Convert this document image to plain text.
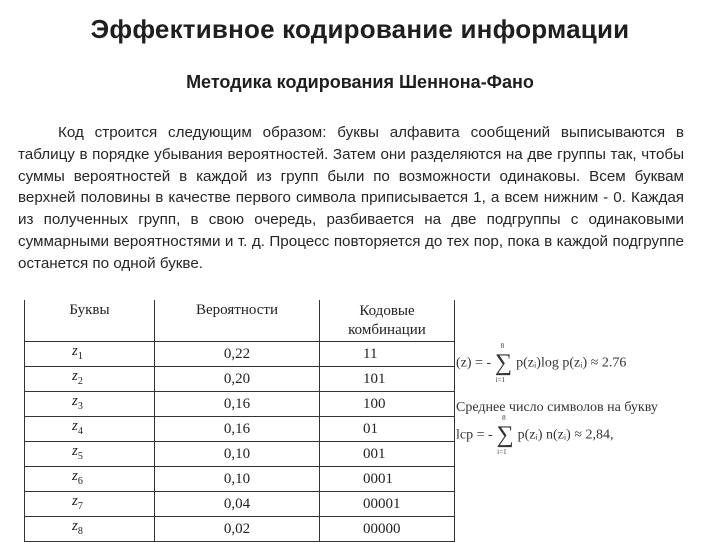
Эффективное кодирование информации
Методика кодирования Шеннона-Фано
Код строится следующим образом: буквы алфавита сообщений выписываются в таблицу в порядке убывания вероятностей. Затем они разделяются на две группы так, чтобы суммы вероятностей в каждой из групп были по возможности одинаковы. Всем буквам верхней половины в качестве первого символа приписывается 1, а всем нижним - 0. Каждая из полученных групп, в свою очередь, разбивается на две подгруппы с одинаковыми суммарными вероятностями и т. д. Процесс повторяется до тех пор, пока в каждой подгруппе останется по одной букве.
Буквы	Вероятности	Кодовые
комбинации
$z_1$	0,22	11
$z_2$	0,20	101
$z_3$	0,16	100
$z_4$	0,16	01
$z_5$	0,10	001
$z_6$	0,10	0001
$z_7$	0,04	00001
$z_8$	0,02	00000
(z) = - ∑
8
i=1
p(zᵢ)log p(zᵢ) ≈ 2.76
Среднее число символов на букву
lср = - ∑
8
i=1
p(zᵢ) n(zᵢ) ≈ 2,84,
